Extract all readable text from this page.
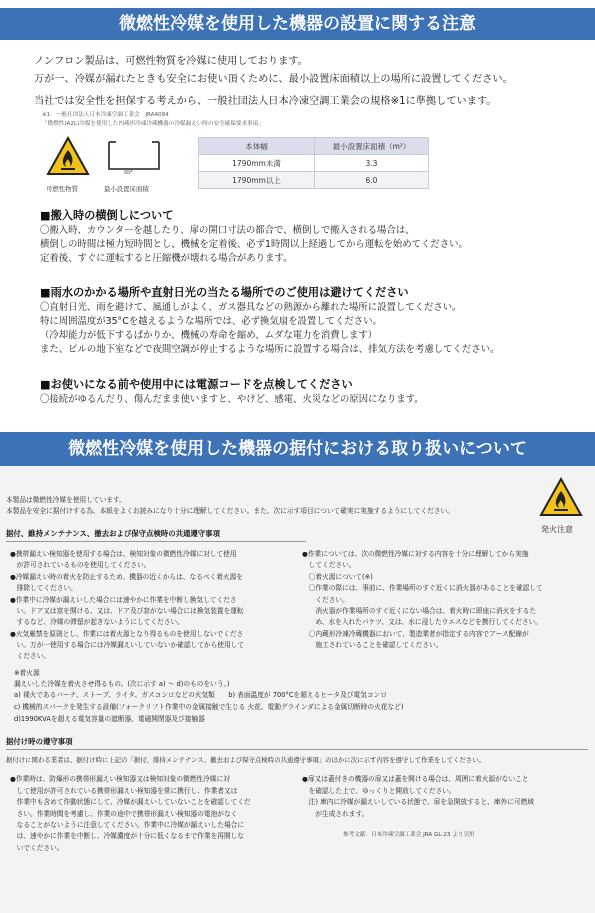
微燃性冷媒を使用した機器の設置に関する注意
ノンフロン製品は、可燃性物質を冷媒に使用しております。
万が一、冷媒が漏れたときも安全にお使い頂くために、最小設置床面積以上の場所に設置してください。
当社では安全性を担保する考えから、一般社団法人日本冷凍空調工業会の規格※1に準拠しています。
※1　一般社団法人日本冷凍空調工業会　JRA4084
「微燃性(A2L)冷媒を使用した内蔵形冷凍冷蔵機器の冷媒漏えい時の安全確保要求事項」
可燃性物質
ｍ²
最小設置床面積
本体幅	最小設置床面積（m²）
1790mm未満	3.3
1790mm以上	6.0
■搬入時の横倒しについて
〇搬入時、カウンターを越したり、扉の開口寸法の都合で、横倒しで搬入される場合は、
横倒しの時間は極力短時間とし、機械を定着後、必ず1時間以上経過してから運転を始めてください。
定着後、すぐに運転すると圧縮機が壊れる場合があります。
■雨水のかかる場所や直射日光の当たる場所でのご使用は避けてください
〇直射日光、雨を避けて、風通しがよく、ガス器具などの熱源から離れた場所に設置してください。
特に周囲温度が35°Cを越えるような場所では、必ず換気扇を設置してください。
（冷却能力が低下するばかりか、機械の寿命を縮め、ムダな電力を消費します）
また、ビルの地下室などで夜間空調が停止するような場所に設置する場合は、排気方法を考慮してください。
■お使いになる前や使用中には電源コードを点検してください
〇接続がゆるんだり、傷んだまま使いますと、やけど、感電、火災などの原因になります。
微燃性冷媒を使用した機器の据付における取り扱いについて
本製品は微燃性冷媒を使用しています。
本製品を安全に据付けする為、本紙をよくお読みになり十分に理解してください。また、次に示す項目について確実に実施するようにしてください。
発火注意
据付、維持メンテナンス、撤去および保守点検時の共通遵守事項
●携帯漏えい検知器を使用する場合は、検知対象の微燃性冷媒に対して使用
　が許可されているものを使用してください。
●冷媒漏えい時の着火を防止するため、機器の近くからは、なるべく着火源を
　排除してください。
●作業中に冷媒が漏えいした場合には速やかに作業を中断し換気してくださ
　い。ドア又は窓を開ける、又は、ドア及び窓がない場合には換気装置を運転
　するなど、冷媒の滞留が起きないようにしてください。
●火気厳禁を原則とし、作業には着火源となり得るものを使用しないでくださ
　い。万が一使用する場合には冷媒漏えいしていないか確認してから使用して
　ください。
●作業については、次の微燃性冷媒に対する内容を十分に理解してから実施
　してください。
　〇着火源について(※)
　〇作業の際には、事前に、作業場所のすぐ近くに消火器があることを確認して
　　ください。
　　消火器が作業場所のすぐ近くにない場合は、着火時に即座に消火をするた
　　め、水を入れたバケツ、又は、水に浸したウエスなどを携行してください。
　〇内蔵形冷凍冷蔵機器において、製造業者が指定する内容でアース配線が
　　施工されていることを確認してください。
※着火源
漏えいした冷媒を着火させ得るもの。(次に示す a) ～ d)のものをいう。)
a) 裸火であるバーナ、ストーブ、ライタ、ガスコンロなどの火気類　　b) 表面温度が 700°Cを超えるヒータ及び電気コンロ
c) 機械的スパークを発生する設備(フォークリフト作業中の金属接触で生じる 火花、電動グラインダによる金属切断時の火花など)
d)1990KVAを超える電気容量の遮断器、電磁開閉器及び接触器
据付け時の遵守事項
据付けに関わる業者は、据付け時に上記の「据付、維持メンテナンス、撤去および保守点検時の共通遵守事項」のほかに次に示す内容を遵守して作業をしてください。
●作業時は、防爆形の携帯形漏えい検知器又は検知対象の微燃性冷媒に対
　して使用が許可されている携帯形漏えい検知器を常に携行し、作業者又は
　作業中も含めて作動状態にして、冷媒が漏えいしていないことを確認してくだ
　さい。作業時間を考慮し、作業の途中で携帯形漏えい検知器の電池がなく
　なることがないように注意してください。作業中に冷媒が漏えいした場合に
　は、速やかに作業を中断し、冷媒濃度が十分に低くなるまで作業を再開しな
　いでください。
●扉又は蓋付きの機器の扉又は蓋を開ける場合は、周囲に着火源がないこと
　を確認した上で、ゆっくりと開放してください。
　注) 庫内に冷媒が漏えいしている状態で、扉を急開放すると、庫外に可燃域
　　が生成されます。
参考文献：日本冷凍空調工業会 JRA GL-23 より引用
